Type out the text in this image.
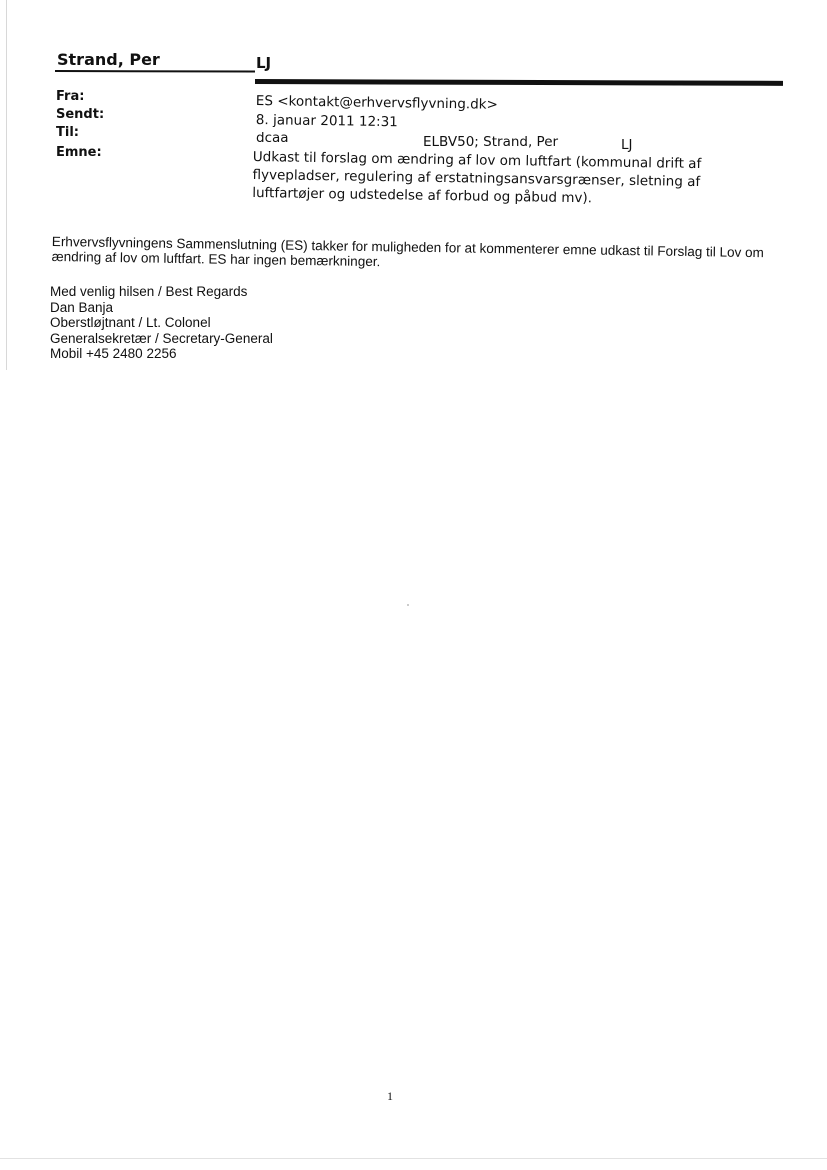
Strand, Per	LJ
Fra:	ES <kontakt@erhvervsflyvning.dk>
Sendt:	8. januar 2011 12:31
Til:	dcaa	ELBV50; Strand, Per	LJ
Emne:	Udkast til forslag om ændring af lov om luftfart (kommunal drift af flyvepladser, regulering af erstatningsansvarsgrænser, sletning af luftfartøjer og udstedelse af forbud og påbud mv).
Erhvervsflyvningens Sammenslutning (ES) takker for muligheden for at kommenterer emne udkast til Forslag til Lov om ændring af lov om luftfart. ES har ingen bemærkninger.
Med venlig hilsen / Best Regards
Dan Banja
Oberstløjtnant / Lt. Colonel
Generalsekretær / Secretary-General
Mobil +45 2480 2256
1
